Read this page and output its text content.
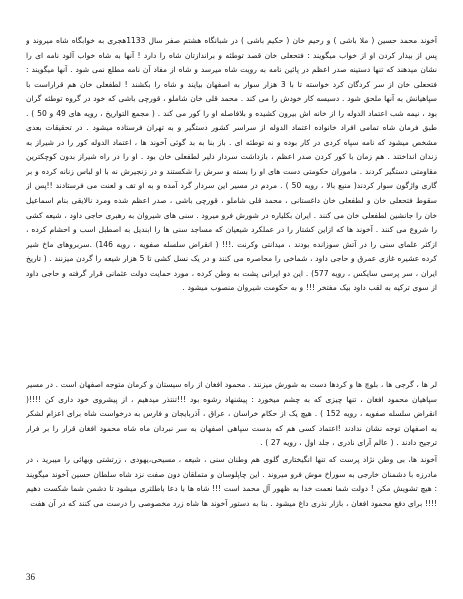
آخوند محمد حسین ( ملا باشی ) و رحیم خان ( حکیم باشی ) در شبانگاه هشتم صفر سال 1133هجری به خوابگاه شاه میروند و پس از بیدار کردن او از خواب میگویند : فتحعلی خان قصد توطئه و براندازتان شاه را دارد ! آنها به شاه خواب آلود نامه ای را نشان میدهند که تنها دستینه صدر اعظم در پائین نامه به رویت شاه میرسد و شاه از مفاد آن نامه مطلع نمی شود . آنها میگویند : فتحعلی خان از سر کردگان کرد خواسته تا با 3 هزار سوار به اصفهان بیایند و شاه را بکشند ! لطفعلی خان هم قراراست با سپاهیانش به آنها ملحق شود . دسیسه کار خودش را می کند . محمد قلی خان شاملو ، قورچی باشی که خود در گروه توطئه گران بود ، نیمه شب اعتماد الدوله را از خانه اش بیرون کشیده و بلافاصله او را کور می کند . ( مجمع التواریخ ، رویه های 49 و 50 ) . طبق فرمان شاه تمامی افراد خانواده اعتماد الدوله از سراسر کشور دستگیر و به تهران فرستاده میشود . در تحقیقات بعدی مشخص میشود که نامه سپاه کردی در کار بوده و نه توطئه ای . باز بنا به بد گوئی آخوند ها ، اعتماد الدوله کور را در شیراز به زندان انداختند . هم زمان با کور کردن صدر اعظم ، بازداشت سردار دلیر لطفعلی خان بود . او را در راه شیراز بدون کوچکترین مقاومتی دستگیر کردند . ماموران حکومتی دست های او را بسته و سرش را شکستند و در زنجیرش نه با او لباس زنانه کرده و بر گاری واژگون سوار کردند( منبع بالا ، رویه 50 ) . مردم در مسیر این سردار گرد آمده و به او تف و لعنت می فرستادند !!پس از سقوط فتحعلی خان و لطفعلی خان داغستانی ، محمد قلی شاملو ، قورچی باشی ، صدر اعظم شده ومرد نالایقی بنام اسماعیل خان را جانشین لطفعلی خان می کنند . ایران بکلیاره در شورش فرو میرود . سنی های شیروان به رهبری حاجی داود ، شیعه کشی را شروع می کنند . آخوند ها که ازاین کشتار را در عملکرد شیعیان که مساجد سنی ها را ابندیل به اصطبل اسب و احشام کرده ، ازکثر علمای سنی را در آتش سوزانده بودند ، میدانتی وکرنت .!!! ( انقراض سلسله صفویه ، رویه 146) .سربروهای ماخ شیر کرده عشیره غازی عمرق و حاجی داود ، شماخی را محاصره می کنند و در یک نسل کشی تا 5 هزار شیعه را گردن میزنند . ( تاریخ ایران ، سر پرسی سایکس ، رویه 577) . این دو ایرانی پشت به وطن کرده ، مورد حمایت دولت عثمانی قرار گرفته و حاجی داود از سوی ترکیه به لقب داود بیک مفتخر !!! و به حکومت شیروان منصوب میشود .

لر ها ، گرجی ها ، بلوچ ها و کردها دست به شورش میزنند . محمود افغان از راه سیستان و کرمان متوجه اصفهان است . در مسیر سپاهیان محمود افغان ، تنها چیزی که به چشم میخورد : پیشنهاد رشوه بود !!!تنتذر میدهیم ، از پیشروی خود داری کن !!!!( انقراض سلسله صفویه ، رویه 152 ) . هیچ یک از حکام خراسان ، عراق ، آذربایجان و فارس به درخواست شاه برای اعزام لشکر به اصفهان توجه نشان ندادند !اعتماد کسی هم که بدست سپاهی اصفهان به سر نبردان ماه شاه محمود افغان قرار را بر فرار ترجیح دادند . ( عالم آرای نادری ، جلد اول ، رویه 27 ) .

آخوند ها، بی وطن نژاد پرست که تنها انگیختاری گلوی هم وطنان سنی ، شیعه ، مسیحی،یهودی ، زرتشتی وبهائی را میبرید ، در مادرزه با دشمنان خارجی به سوراخ موش فرو میروند . این چاپلوسان و متملقان دون صفت نزد شاه سلطان حسین آخوند میگویند : هیچ تشویش مکن ! دولت شما نعمت خدا به ظهور آل محمد است !!! شاه ها با دعا باطلتری میشود تا دشمن شما شکست دهیم !!!! برای دفع محمود افغان ، بازار نذری داغ میشود . بنا به دستور آخوند ها شاه زرد مخصوصی را درست می کنند که در آن هفت

36
